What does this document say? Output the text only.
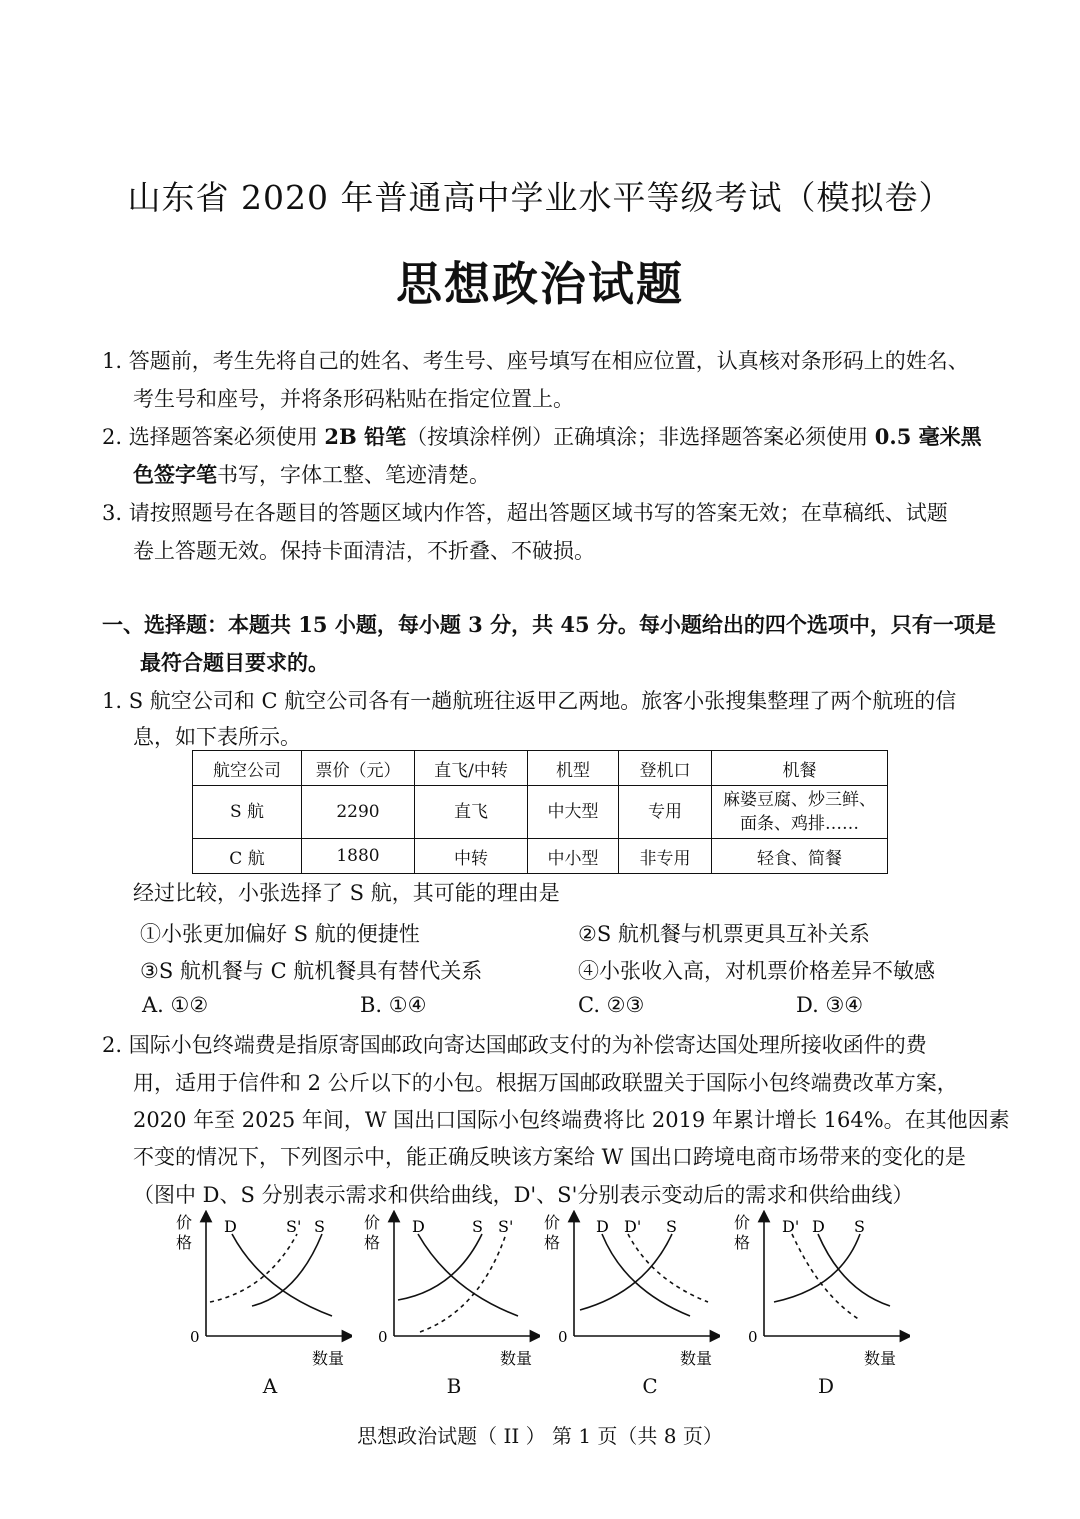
山东省 2020 年普通高中学业水平等级考试（模拟卷）
思想政治试题
1. 答题前，考生先将自己的姓名、考生号、座号填写在相应位置，认真核对条形码上的姓名、
考生号和座号，并将条形码粘贴在指定位置上。
2. 选择题答案必须使用 2B 铅笔（按填涂样例）正确填涂；非选择题答案必须使用 0.5 毫米黑
色签字笔书写，字体工整、笔迹清楚。
3. 请按照题号在各题目的答题区域内作答，超出答题区域书写的答案无效；在草稿纸、试题
卷上答题无效。保持卡面清洁，不折叠、不破损。
一、选择题：本题共 15 小题，每小题 3 分，共 45 分。每小题给出的四个选项中，只有一项是
最符合题目要求的。
1. S 航空公司和 C 航空公司各有一趟航班往返甲乙两地。旅客小张搜集整理了两个航班的信
息，如下表所示。
航空公司	票价（元）	直飞/中转	机型	登机口	机餐
S 航	2290	直飞	中大型	专用	麻婆豆腐、炒三鲜、
面条、鸡排……

C 航	1880	中转	中小型	非专用	轻食、简餐
经过比较，小张选择了 S 航，其可能的理由是
①小张更加偏好 S 航的便捷性	②S 航机餐与机票更具互补关系
③S 航机餐与 C 航机餐具有替代关系	④小张收入高，对机票价格差异不敏感
A. ①②	B. ①④	C. ②③	D. ③④
2. 国际小包终端费是指原寄国邮政向寄达国邮政支付的为补偿寄达国处理所接收函件的费
用，适用于信件和 2 公斤以下的小包。根据万国邮政联盟关于国际小包终端费改革方案，
2020 年至 2025 年间，W 国出口国际小包终端费将比 2019 年累计增长 164%。在其他因素
不变的情况下，下列图示中，能正确反映该方案给 W 国出口跨境电商市场带来的变化的是
（图中 D、S 分别表示需求和供给曲线，D'、S'分别表示变动后的需求和供给曲线）
价
格
0
数量
D	S' S
A
价
格
0
数量
D	S S'
B
价
格
0
数量
D D' S
C
价
格
0
数量
D' D S
D
思想政治试题（ II ） 第 1 页（共 8 页）
